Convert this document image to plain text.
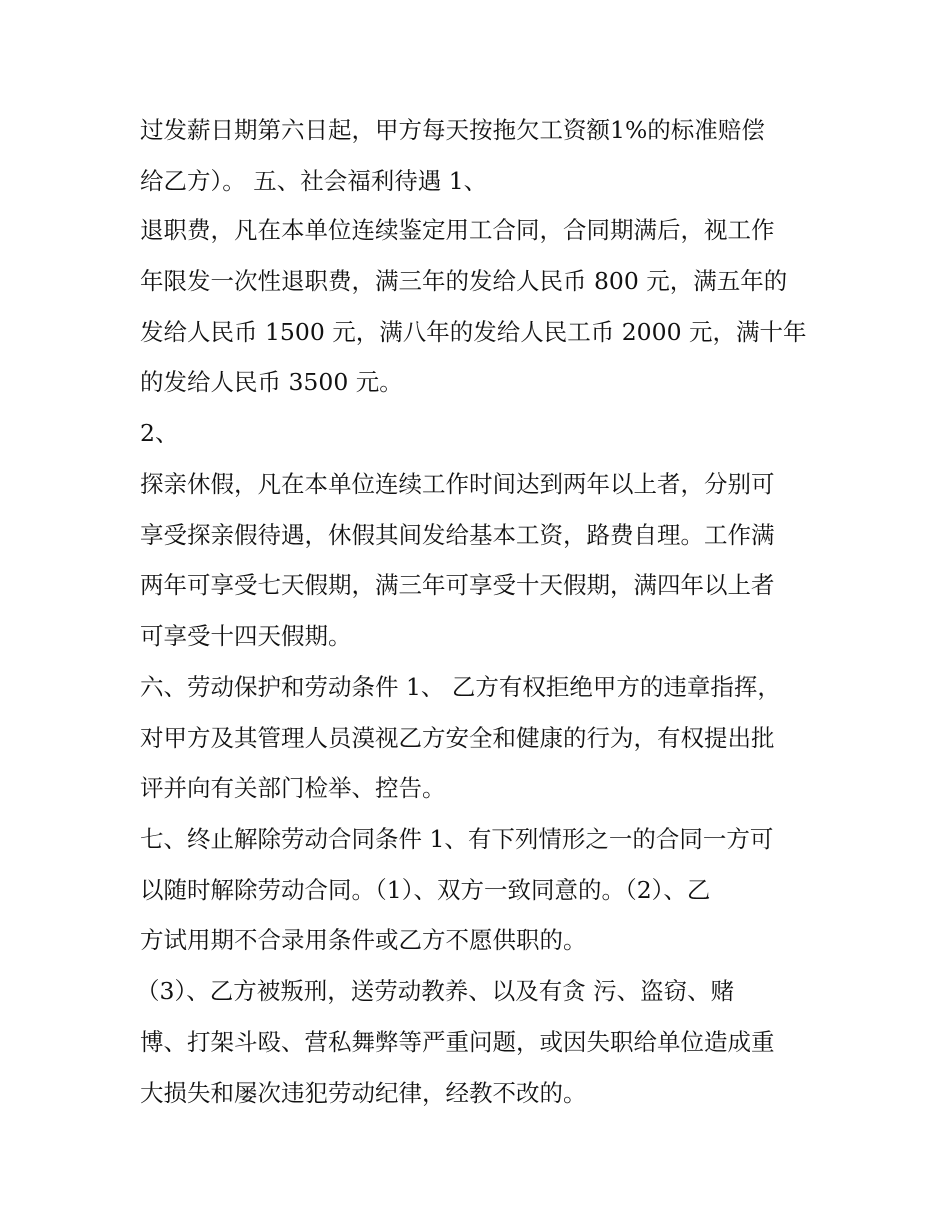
过发薪日期第六日起，甲方每天按拖欠工资额1%的标准赔偿
给乙方）。 五、社会福利待遇 1、
退职费，凡在本单位连续鉴定用工合同，合同期满后，视工作
年限发一次性退职费，满三年的发给人民币 800 元，满五年的
发给人民币 1500 元，满八年的发给人民工币 2000 元，满十年
的发给人民币 3500 元。
2、
探亲休假，凡在本单位连续工作时间达到两年以上者，分别可
享受探亲假待遇，休假其间发给基本工资，路费自理。工作满
两年可享受七天假期，满三年可享受十天假期，满四年以上者
可享受十四天假期。
六、劳动保护和劳动条件 1、 乙方有权拒绝甲方的违章指挥，
对甲方及其管理人员漠视乙方安全和健康的行为，有权提出批
评并向有关部门检举、控告。
七、终止解除劳动合同条件 1、有下列情形之一的合同一方可
以随时解除劳动合同。（1）、双方一致同意的。（2）、乙
方试用期不合录用条件或乙方不愿供职的。
（3）、乙方被叛刑，送劳动教养、以及有贪 污、盗窃、赌
博、打架斗殴、营私舞弊等严重问题，或因失职给单位造成重
大损失和屡次违犯劳动纪律，经教不改的。
